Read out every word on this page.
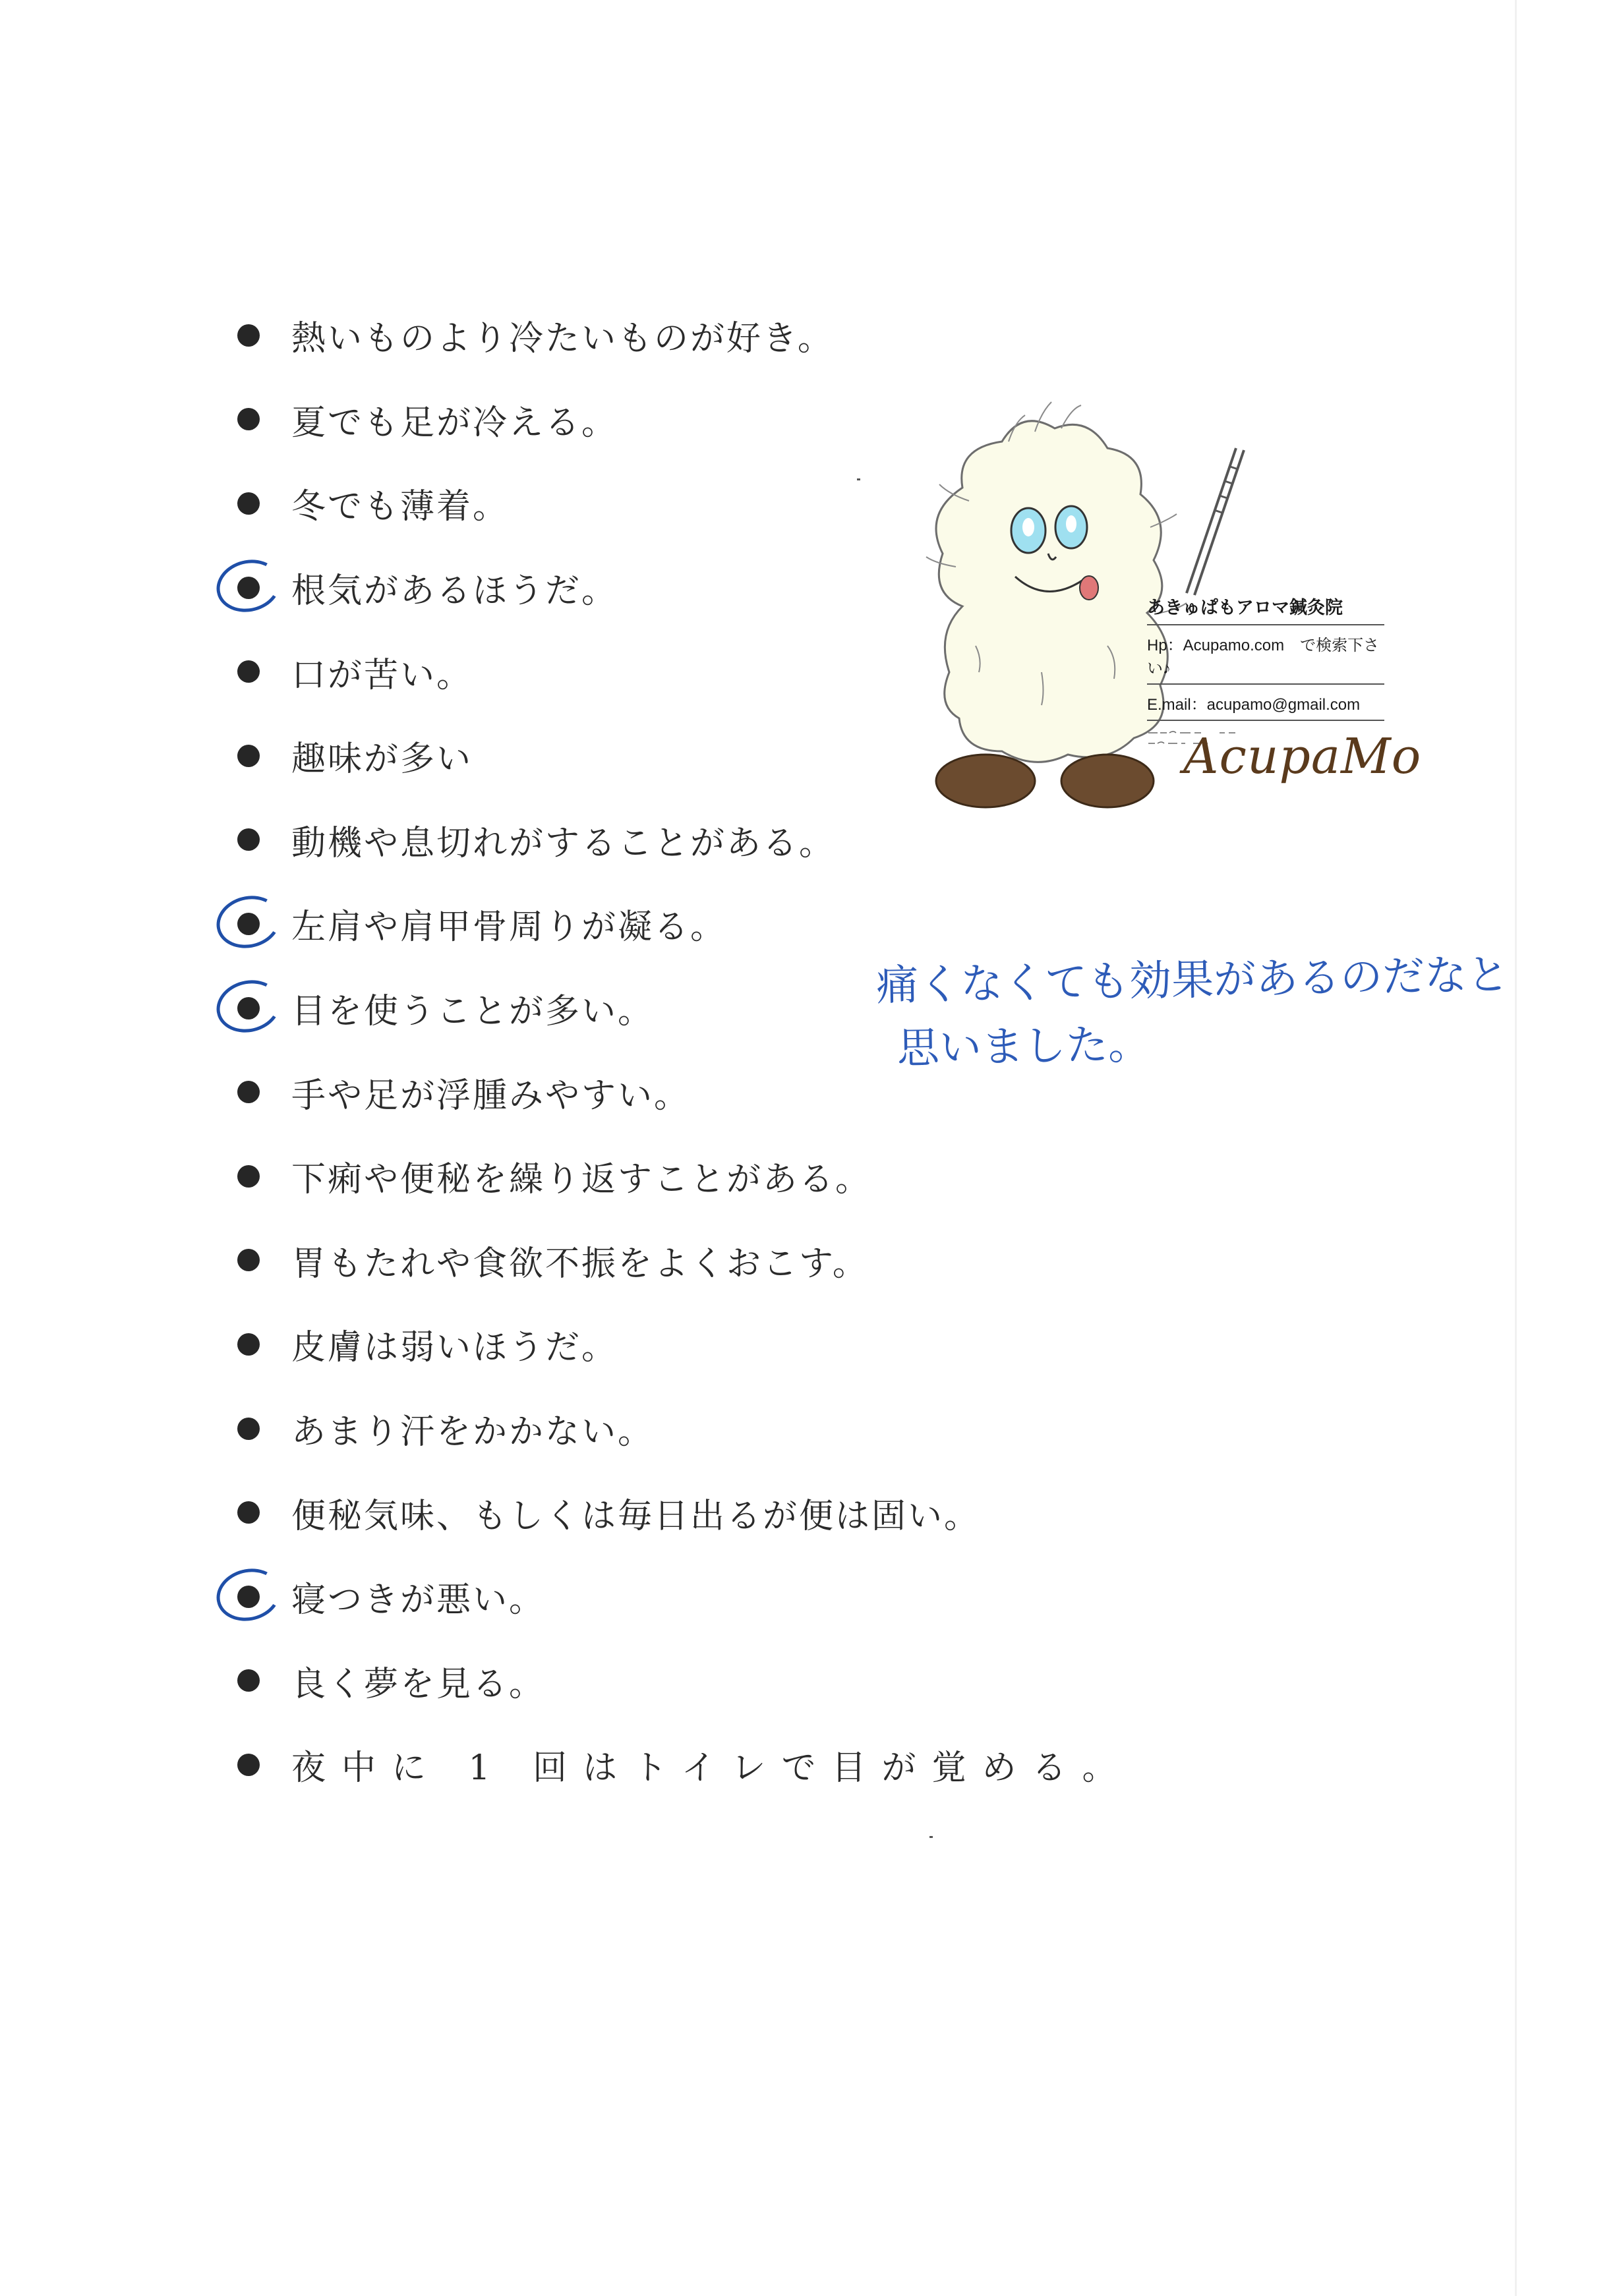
熱いものより冷たいものが好き。
夏でも足が冷える。
冬でも薄着。
根気があるほうだ。
口が苦い。
趣味が多い
動機や息切れがすることがある。
左肩や肩甲骨周りが凝る。
目を使うことが多い。
手や足が浮腫みやすい。
下痢や便秘を繰り返すことがある。
胃もたれや食欲不振をよくおこす。
皮膚は弱いほうだ。
あまり汗をかかない。
便秘気味、もしくは毎日出るが便は固い。
寝つきが悪い。
良く夢を見る。
夜中に 1 回はトイレで目が覚める。
あきゅぱもアロマ鍼灸院
Hp：Acupamo.com　で検索下さい♪
E.mail：acupamo@gmail.com
AcupaMo
痛くなくても効果があるのだなと
思いました。
